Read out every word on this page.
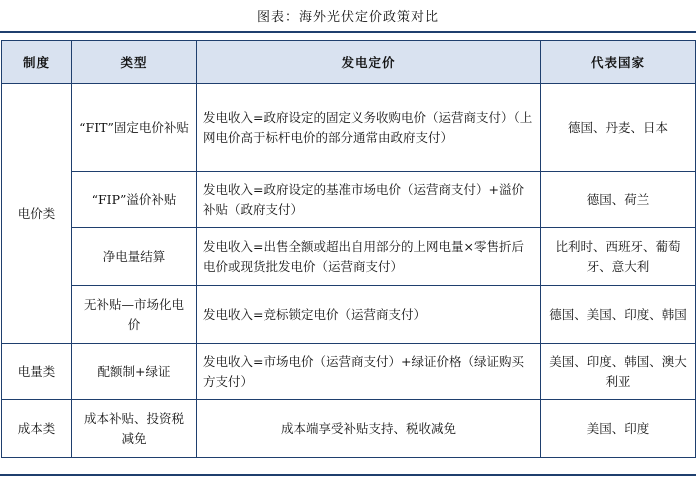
图表：海外光伏定价政策对比
制度	类型	发电定价	代表国家
电价类	“FIT”固定电价补贴	发电收入=政府设定的固定义务收购电价（运营商支付）（上网电价高于标杆电价的部分通常由政府支付）	德国、丹麦、日本
	“FIP”溢价补贴	发电收入=政府设定的基准市场电价（运营商支付）+溢价补贴（政府支付）	德国、荷兰
	净电量结算	发电收入=出售全额或超出自用部分的上网电量×零售折后电价或现货批发电价（运营商支付）	比利时、西班牙、葡萄牙、意大利
	无补贴—市场化电价	发电收入=竞标锁定电价（运营商支付）	德国、美国、印度、韩国
电量类	配额制+绿证	发电收入=市场电价（运营商支付）+绿证价格（绿证购买方支付）	美国、印度、韩国、澳大利亚
成本类	成本补贴、投资税减免	成本端享受补贴支持、税收减免	美国、印度
